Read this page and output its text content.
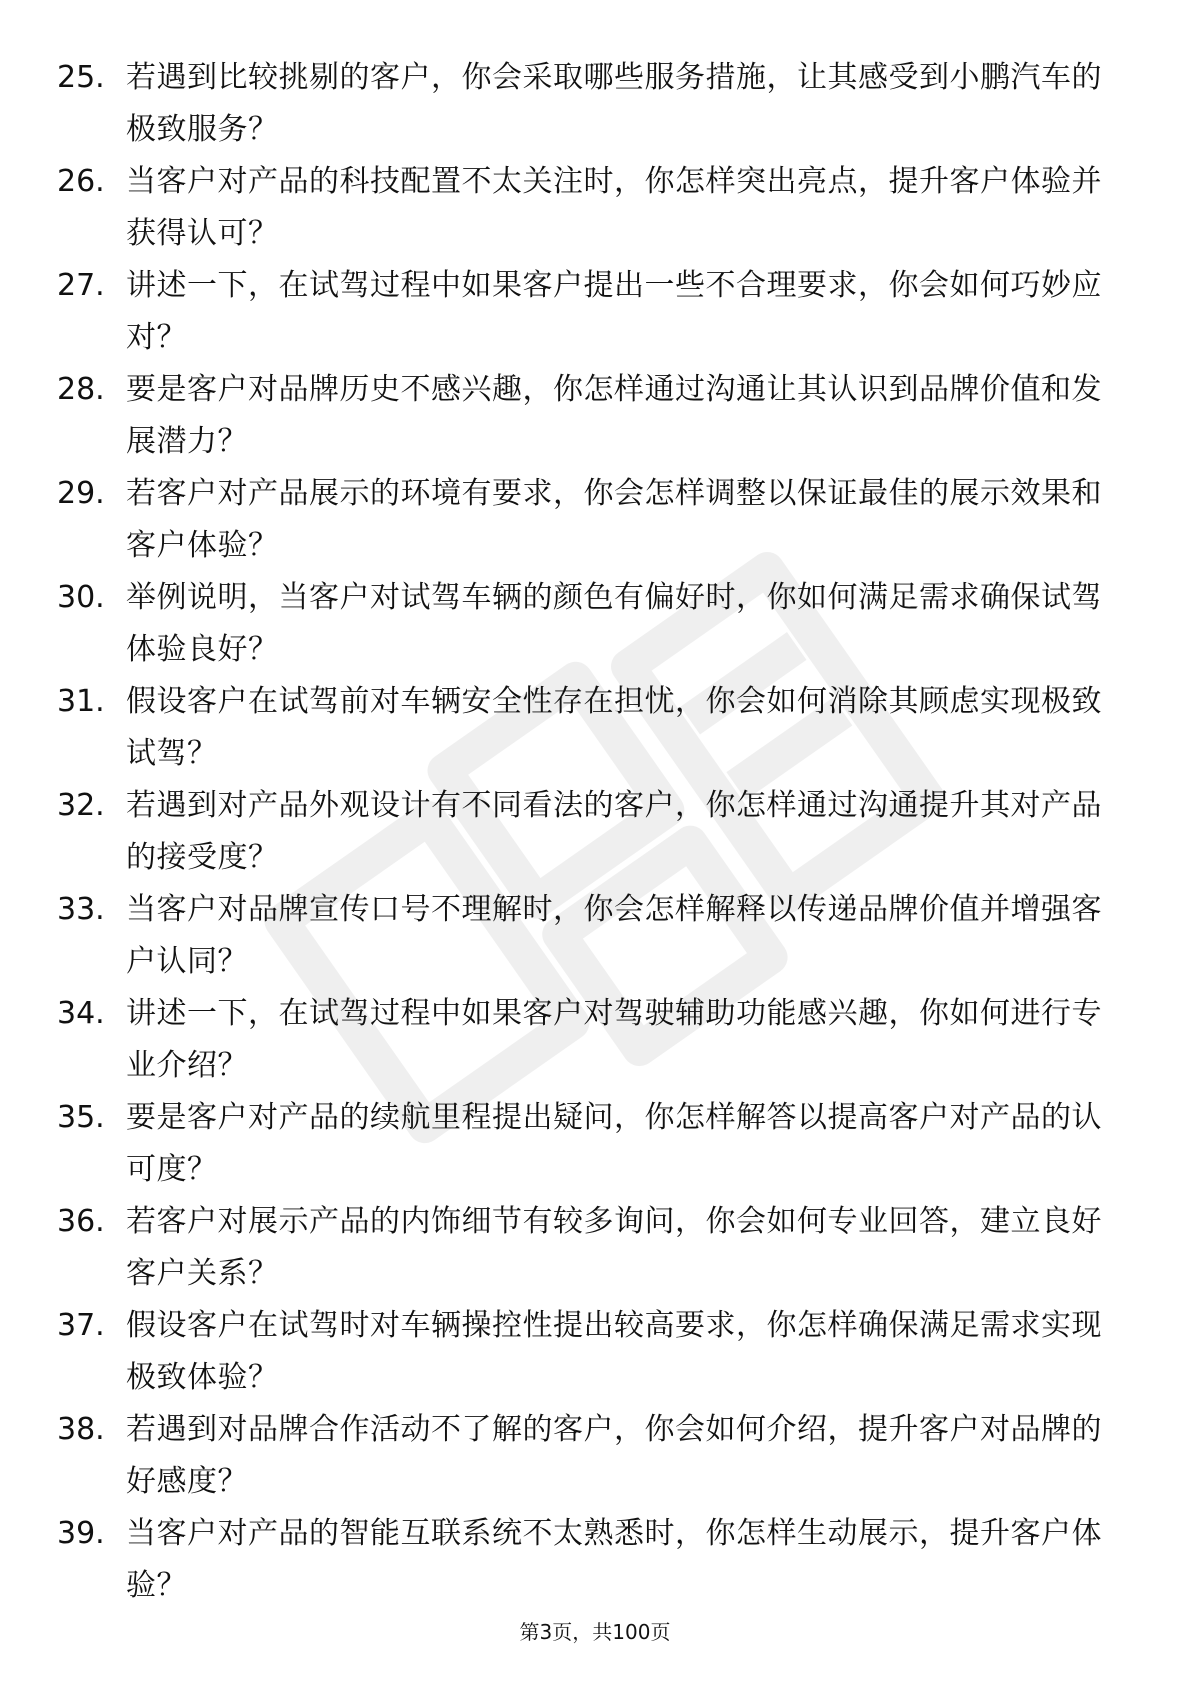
25. 若遇到比较挑剔的客户，你会采取哪些服务措施，让其感受到小鹏汽车的极致服务？
26. 当客户对产品的科技配置不太关注时，你怎样突出亮点，提升客户体验并获得认可？
27. 讲述一下，在试驾过程中如果客户提出一些不合理要求，你会如何巧妙应对？
28. 要是客户对品牌历史不感兴趣，你怎样通过沟通让其认识到品牌价值和发展潜力？
29. 若客户对产品展示的环境有要求，你会怎样调整以保证最佳的展示效果和客户体验？
30. 举例说明，当客户对试驾车辆的颜色有偏好时，你如何满足需求确保试驾体验良好？
31. 假设客户在试驾前对车辆安全性存在担忧，你会如何消除其顾虑实现极致试驾？
32. 若遇到对产品外观设计有不同看法的客户，你怎样通过沟通提升其对产品的接受度？
33. 当客户对品牌宣传口号不理解时，你会怎样解释以传递品牌价值并增强客户认同？
34. 讲述一下，在试驾过程中如果客户对驾驶辅助功能感兴趣，你如何进行专业介绍？
35. 要是客户对产品的续航里程提出疑问，你怎样解答以提高客户对产品的认可度？
36. 若客户对展示产品的内饰细节有较多询问，你会如何专业回答，建立良好客户关系？
37. 假设客户在试驾时对车辆操控性提出较高要求，你怎样确保满足需求实现极致体验？
38. 若遇到对品牌合作活动不了解的客户，你会如何介绍，提升客户对品牌的好感度？
39. 当客户对产品的智能互联系统不太熟悉时，你怎样生动展示，提升客户体验？
第3页，共100页
